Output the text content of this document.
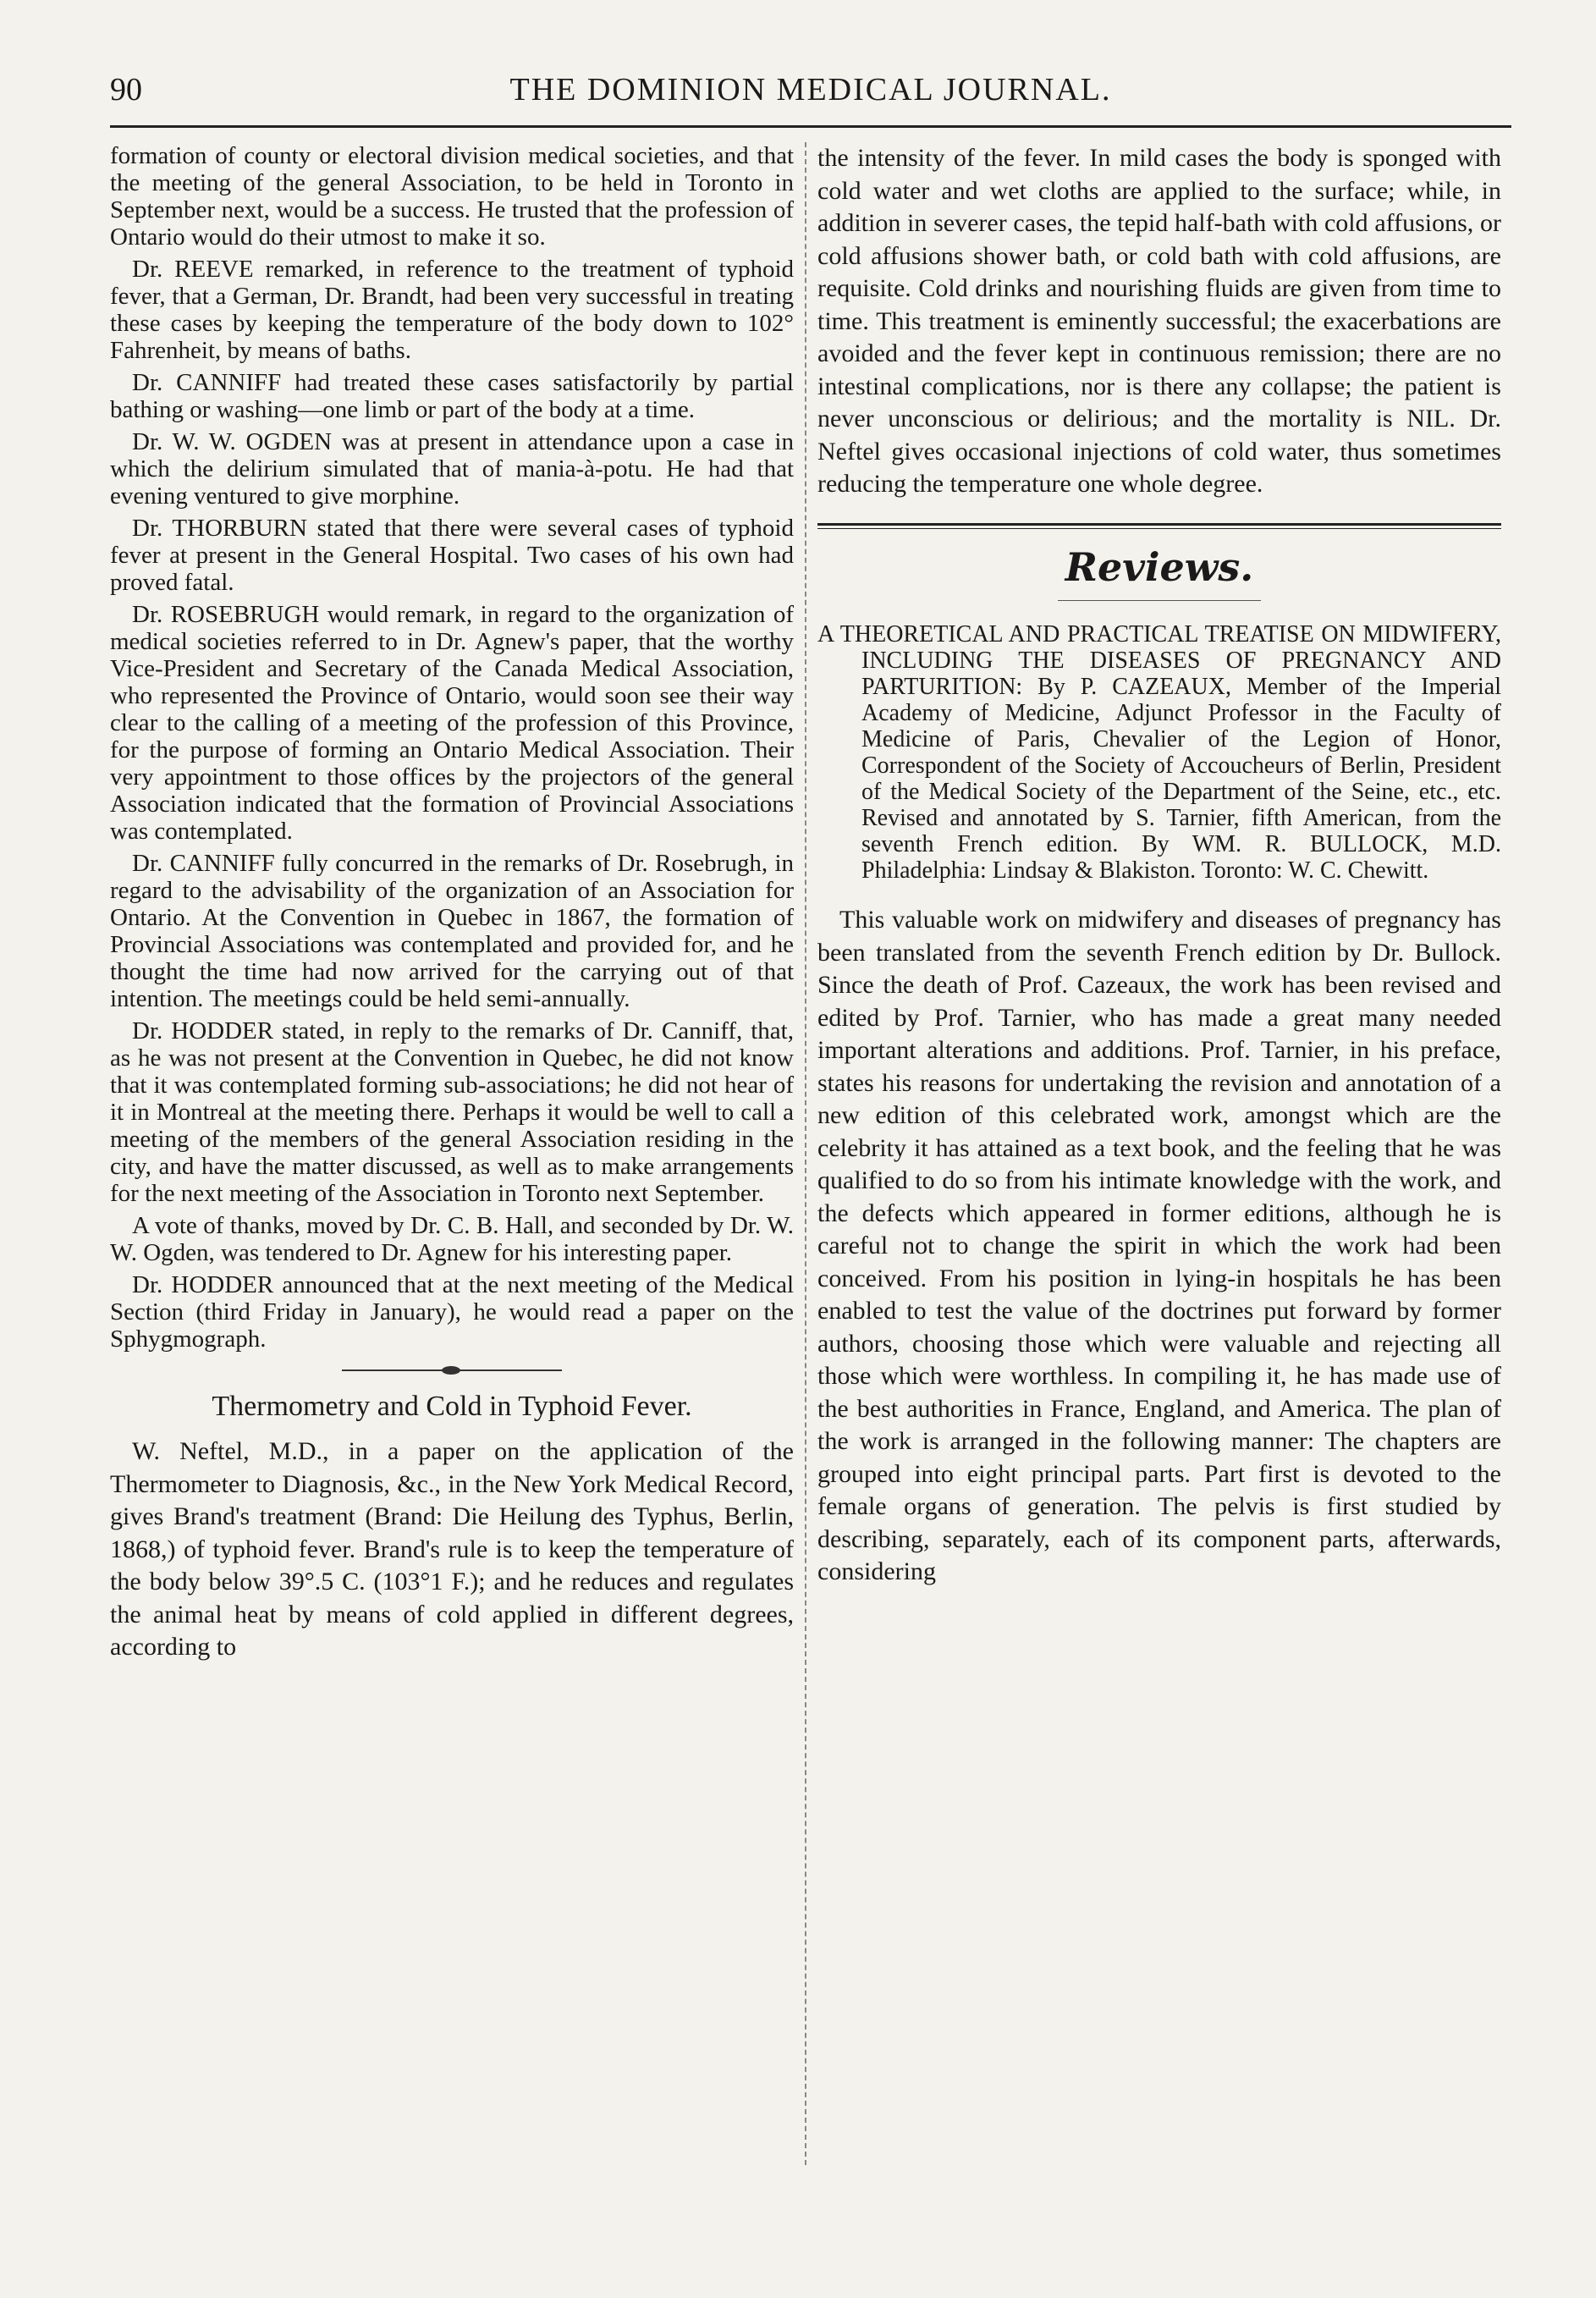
90	THE DOMINION MEDICAL JOURNAL.

formation of county or electoral division medical societies, and that the meeting of the general Association, to be held in Toronto in September next, would be a success. He trusted that the profession of Ontario would do their utmost to make it so.

Dr. REEVE remarked, in reference to the treatment of typhoid fever, that a German, Dr. Brandt, had been very successful in treating these cases by keeping the temperature of the body down to 102° Fahrenheit, by means of baths.

Dr. CANNIFF had treated these cases satisfactorily by partial bathing or washing—one limb or part of the body at a time.

Dr. W. W. OGDEN was at present in attendance upon a case in which the delirium simulated that of mania-à-potu. He had that evening ventured to give morphine.

Dr. THORBURN stated that there were several cases of typhoid fever at present in the General Hospital. Two cases of his own had proved fatal.

Dr. ROSEBRUGH would remark, in regard to the organization of medical societies referred to in Dr. Agnew's paper, that the worthy Vice-President and Secretary of the Canada Medical Association, who represented the Province of Ontario, would soon see their way clear to the calling of a meeting of the profession of this Province, for the purpose of forming an Ontario Medical Association. Their very appointment to those offices by the projectors of the general Association indicated that the formation of Provincial Associations was contemplated.

Dr. CANNIFF fully concurred in the remarks of Dr. Rosebrugh, in regard to the advisability of the organization of an Association for Ontario. At the Convention in Quebec in 1867, the formation of Provincial Associations was contemplated and provided for, and he thought the time had now arrived for the carrying out of that intention. The meetings could be held semi-annually.

Dr. HODDER stated, in reply to the remarks of Dr. Canniff, that, as he was not present at the Convention in Quebec, he did not know that it was contemplated forming sub-associations; he did not hear of it in Montreal at the meeting there. Perhaps it would be well to call a meeting of the members of the general Association residing in the city, and have the matter discussed, as well as to make arrangements for the next meeting of the Association in Toronto next September.

A vote of thanks, moved by Dr. C. B. Hall, and seconded by Dr. W. W. Ogden, was tendered to Dr. Agnew for his interesting paper.

Dr. HODDER announced that at the next meeting of the Medical Section (third Friday in January), he would read a paper on the Sphygmograph.

Thermometry and Cold in Typhoid Fever.

W. Neftel, M.D., in a paper on the application of the Thermometer to Diagnosis, &c., in the New York Medical Record, gives Brand's treatment (Brand: Die Heilung des Typhus, Berlin, 1868,) of typhoid fever. Brand's rule is to keep the temperature of the body below 39°.5 C. (103°1 F.); and he reduces and regulates the animal heat by means of cold applied in different degrees, according to

the intensity of the fever. In mild cases the body is sponged with cold water and wet cloths are applied to the surface; while, in addition in severer cases, the tepid half-bath with cold affusions, or cold affusions shower bath, or cold bath with cold affusions, are requisite. Cold drinks and nourishing fluids are given from time to time. This treatment is eminently successful; the exacerbations are avoided and the fever kept in continuous remission; there are no intestinal complications, nor is there any collapse; the patient is never unconscious or delirious; and the mortality is NIL. Dr. Neftel gives occasional injections of cold water, thus sometimes reducing the temperature one whole degree.

Reviews.

A THEORETICAL AND PRACTICAL TREATISE ON MIDWIFERY, INCLUDING THE DISEASES OF PREGNANCY AND PARTURITION: By P. CAZEAUX, Member of the Imperial Academy of Medicine, Adjunct Professor in the Faculty of Medicine of Paris, Chevalier of the Legion of Honor, Correspondent of the Society of Accoucheurs of Berlin, President of the Medical Society of the Department of the Seine, etc., etc. Revised and annotated by S. Tarnier, fifth American, from the seventh French edition. By WM. R. BULLOCK, M.D. Philadelphia: Lindsay & Blakiston. Toronto: W. C. Chewitt.

This valuable work on midwifery and diseases of pregnancy has been translated from the seventh French edition by Dr. Bullock. Since the death of Prof. Cazeaux, the work has been revised and edited by Prof. Tarnier, who has made a great many needed important alterations and additions. Prof. Tarnier, in his preface, states his reasons for undertaking the revision and annotation of a new edition of this celebrated work, amongst which are the celebrity it has attained as a text book, and the feeling that he was qualified to do so from his intimate knowledge with the work, and the defects which appeared in former editions, although he is careful not to change the spirit in which the work had been conceived. From his position in lying-in hospitals he has been enabled to test the value of the doctrines put forward by former authors, choosing those which were valuable and rejecting all those which were worthless. In compiling it, he has made use of the best authorities in France, England, and America. The plan of the work is arranged in the following manner: The chapters are grouped into eight principal parts. Part first is devoted to the female organs of generation. The pelvis is first studied by describing, separately, each of its component parts, afterwards, considering
